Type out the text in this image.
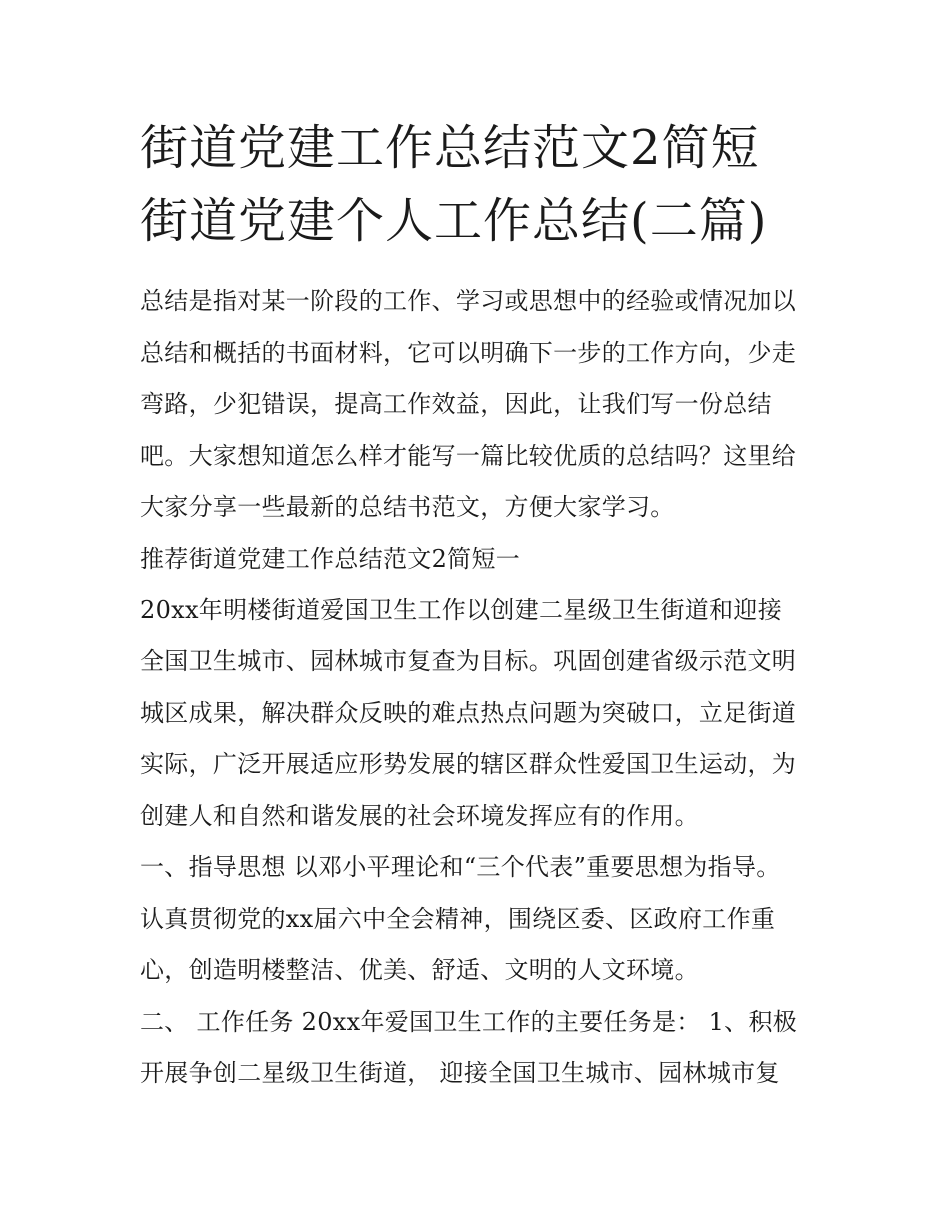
街道党建工作总结范文2简短
街道党建个人工作总结(二篇)
总结是指对某一阶段的工作、学习或思想中的经验或情况加以
总结和概括的书面材料，它可以明确下一步的工作方向，少走
弯路，少犯错误，提高工作效益，因此，让我们写一份总结
吧。大家想知道怎么样才能写一篇比较优质的总结吗？这里给
大家分享一些最新的总结书范文，方便大家学习。
推荐街道党建工作总结范文2简短一
20xx年明楼街道爱国卫生工作以创建二星级卫生街道和迎接
全国卫生城市、园林城市复查为目标。巩固创建省级示范文明
城区成果，解决群众反映的难点热点问题为突破口，立足街道
实际，广泛开展适应形势发展的辖区群众性爱国卫生运动，为
创建人和自然和谐发展的社会环境发挥应有的作用。
一、指导思想 以邓小平理论和“三个代表”重要思想为指导。
认真贯彻党的xx届六中全会精神，围绕区委、区政府工作重
心，创造明楼整洁、优美、舒适、文明的人文环境。
二、 工作任务 20xx年爱国卫生工作的主要任务是： 1、积极
开展争创二星级卫生街道， 迎接全国卫生城市、园林城市复
